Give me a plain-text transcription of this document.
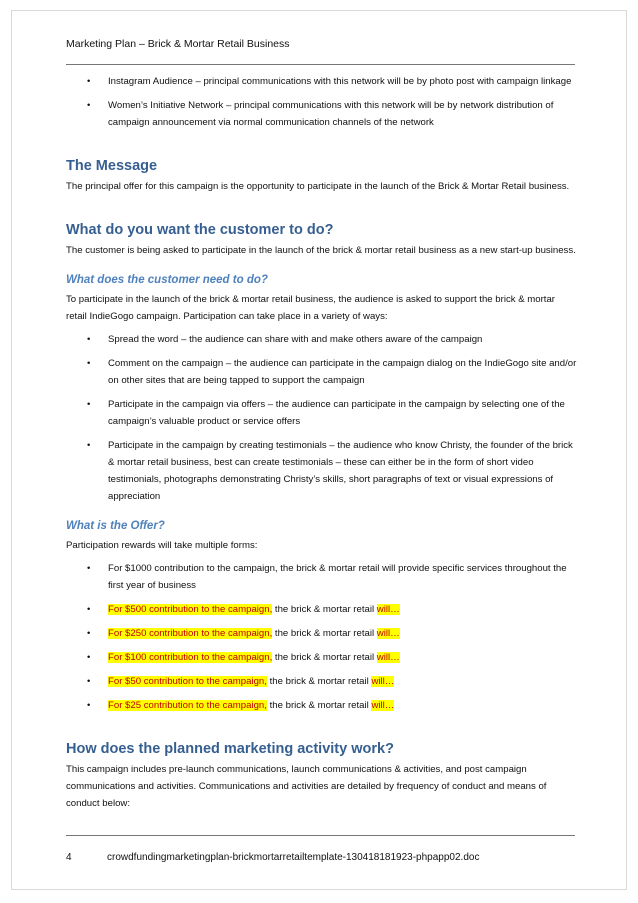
Marketing Plan – Brick & Mortar Retail Business
• Instagram Audience – principal communications with this network will be by photo post with campaign linkage
• Women’s Initiative Network – principal communications with this network will be by network distribution of campaign announcement via normal communication channels of the network
The Message
The principal offer for this campaign is the opportunity to participate in the launch of the Brick & Mortar Retail business.
What do you want the customer to do?
The customer is being asked to participate in the launch of the brick & mortar retail business as a new start-up business.
What does the customer need to do?
To participate in the launch of the brick & mortar retail business, the audience is asked to support the brick & mortar retail IndieGogo campaign. Participation can take place in a variety of ways:
• Spread the word – the audience can share with and make others aware of the campaign
• Comment on the campaign – the audience can participate in the campaign dialog on the IndieGogo site and/or on other sites that are being tapped to support the campaign
• Participate in the campaign via offers – the audience can participate in the campaign by selecting one of the campaign’s valuable product or service offers
• Participate in the campaign by creating testimonials – the audience who know Christy, the founder of the brick & mortar retail business, best can create testimonials – these can either be in the form of short video testimonials, photographs demonstrating Christy’s skills, short paragraphs of text or visual expressions of appreciation
What is the Offer?
Participation rewards will take multiple forms:
• For $1000 contribution to the campaign, the brick & mortar retail will provide specific services throughout the first year of business
• For $500 contribution to the campaign, the brick & mortar retail will…
• For $250 contribution to the campaign, the brick & mortar retail will…
• For $100 contribution to the campaign, the brick & mortar retail will…
• For $50 contribution to the campaign, the brick & mortar retail will…
• For $25 contribution to the campaign, the brick & mortar retail will…
How does the planned marketing activity work?
This campaign includes pre-launch communications, launch communications & activities, and post campaign communications and activities. Communications and activities are detailed by frequency of conduct and means of conduct below:
4	crowdfundingmarketingplan-brickmortarretailtemplate-130418181923-phpapp02.doc
